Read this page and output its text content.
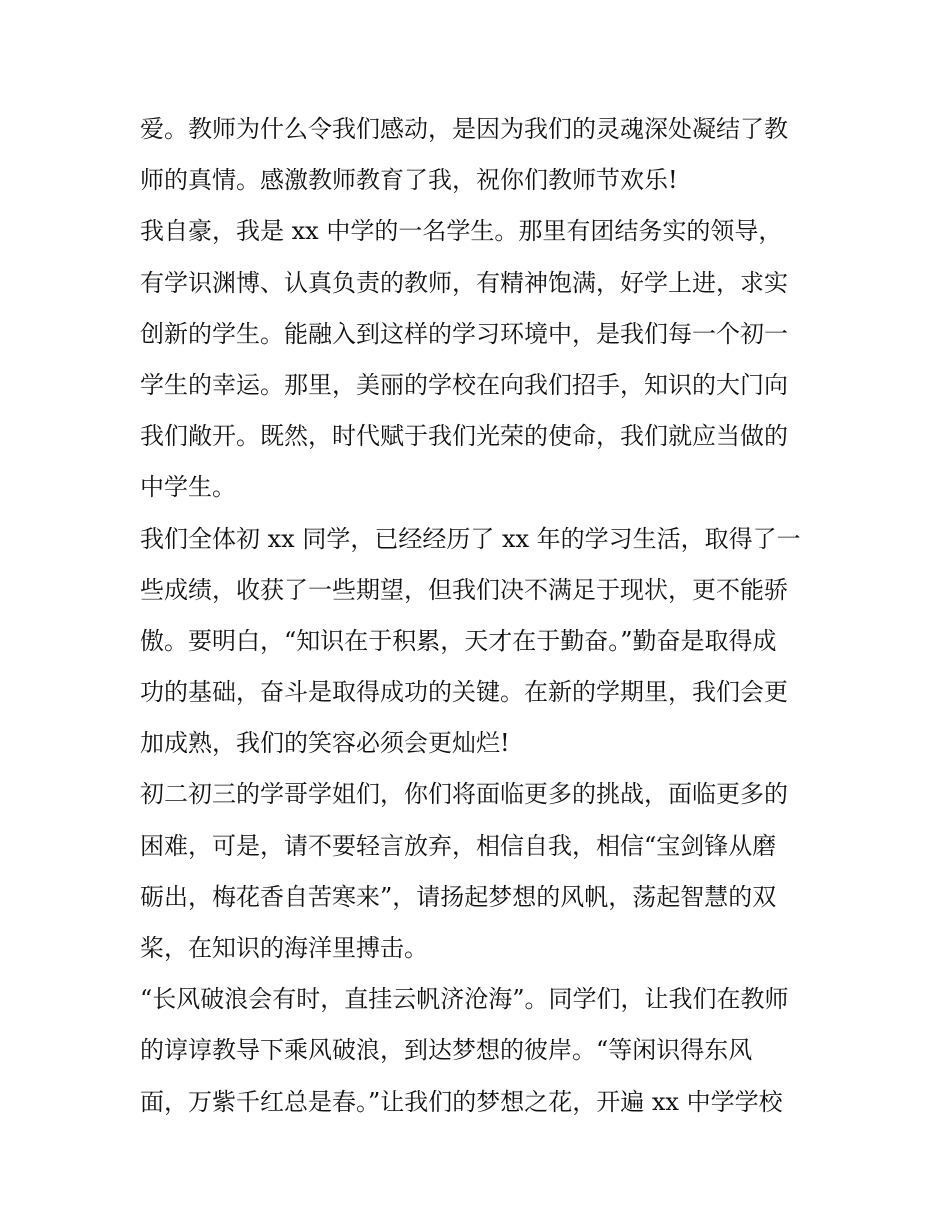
爱。教师为什么令我们感动，是因为我们的灵魂深处凝结了教
师的真情。感激教师教育了我，祝你们教师节欢乐!
我自豪，我是 xx 中学的一名学生。那里有团结务实的领导，
有学识渊博、认真负责的教师，有精神饱满，好学上进，求实
创新的学生。能融入到这样的学习环境中，是我们每一个初一
学生的幸运。那里，美丽的学校在向我们招手，知识的大门向
我们敞开。既然，时代赋于我们光荣的使命，我们就应当做的
中学生。
我们全体初 xx 同学，已经经历了 xx 年的学习生活，取得了一
些成绩，收获了一些期望，但我们决不满足于现状，更不能骄
傲。要明白，“知识在于积累，天才在于勤奋。”勤奋是取得成
功的基础，奋斗是取得成功的关键。在新的学期里，我们会更
加成熟，我们的笑容必须会更灿烂!
初二初三的学哥学姐们，你们将面临更多的挑战，面临更多的
困难，可是，请不要轻言放弃，相信自我，相信“宝剑锋从磨
砺出，梅花香自苦寒来”，请扬起梦想的风帆，荡起智慧的双
桨，在知识的海洋里搏击。
“长风破浪会有时，直挂云帆济沧海”。同学们，让我们在教师
的谆谆教导下乘风破浪，到达梦想的彼岸。“等闲识得东风
面，万紫千红总是春。”让我们的梦想之花，开遍 xx 中学学校
